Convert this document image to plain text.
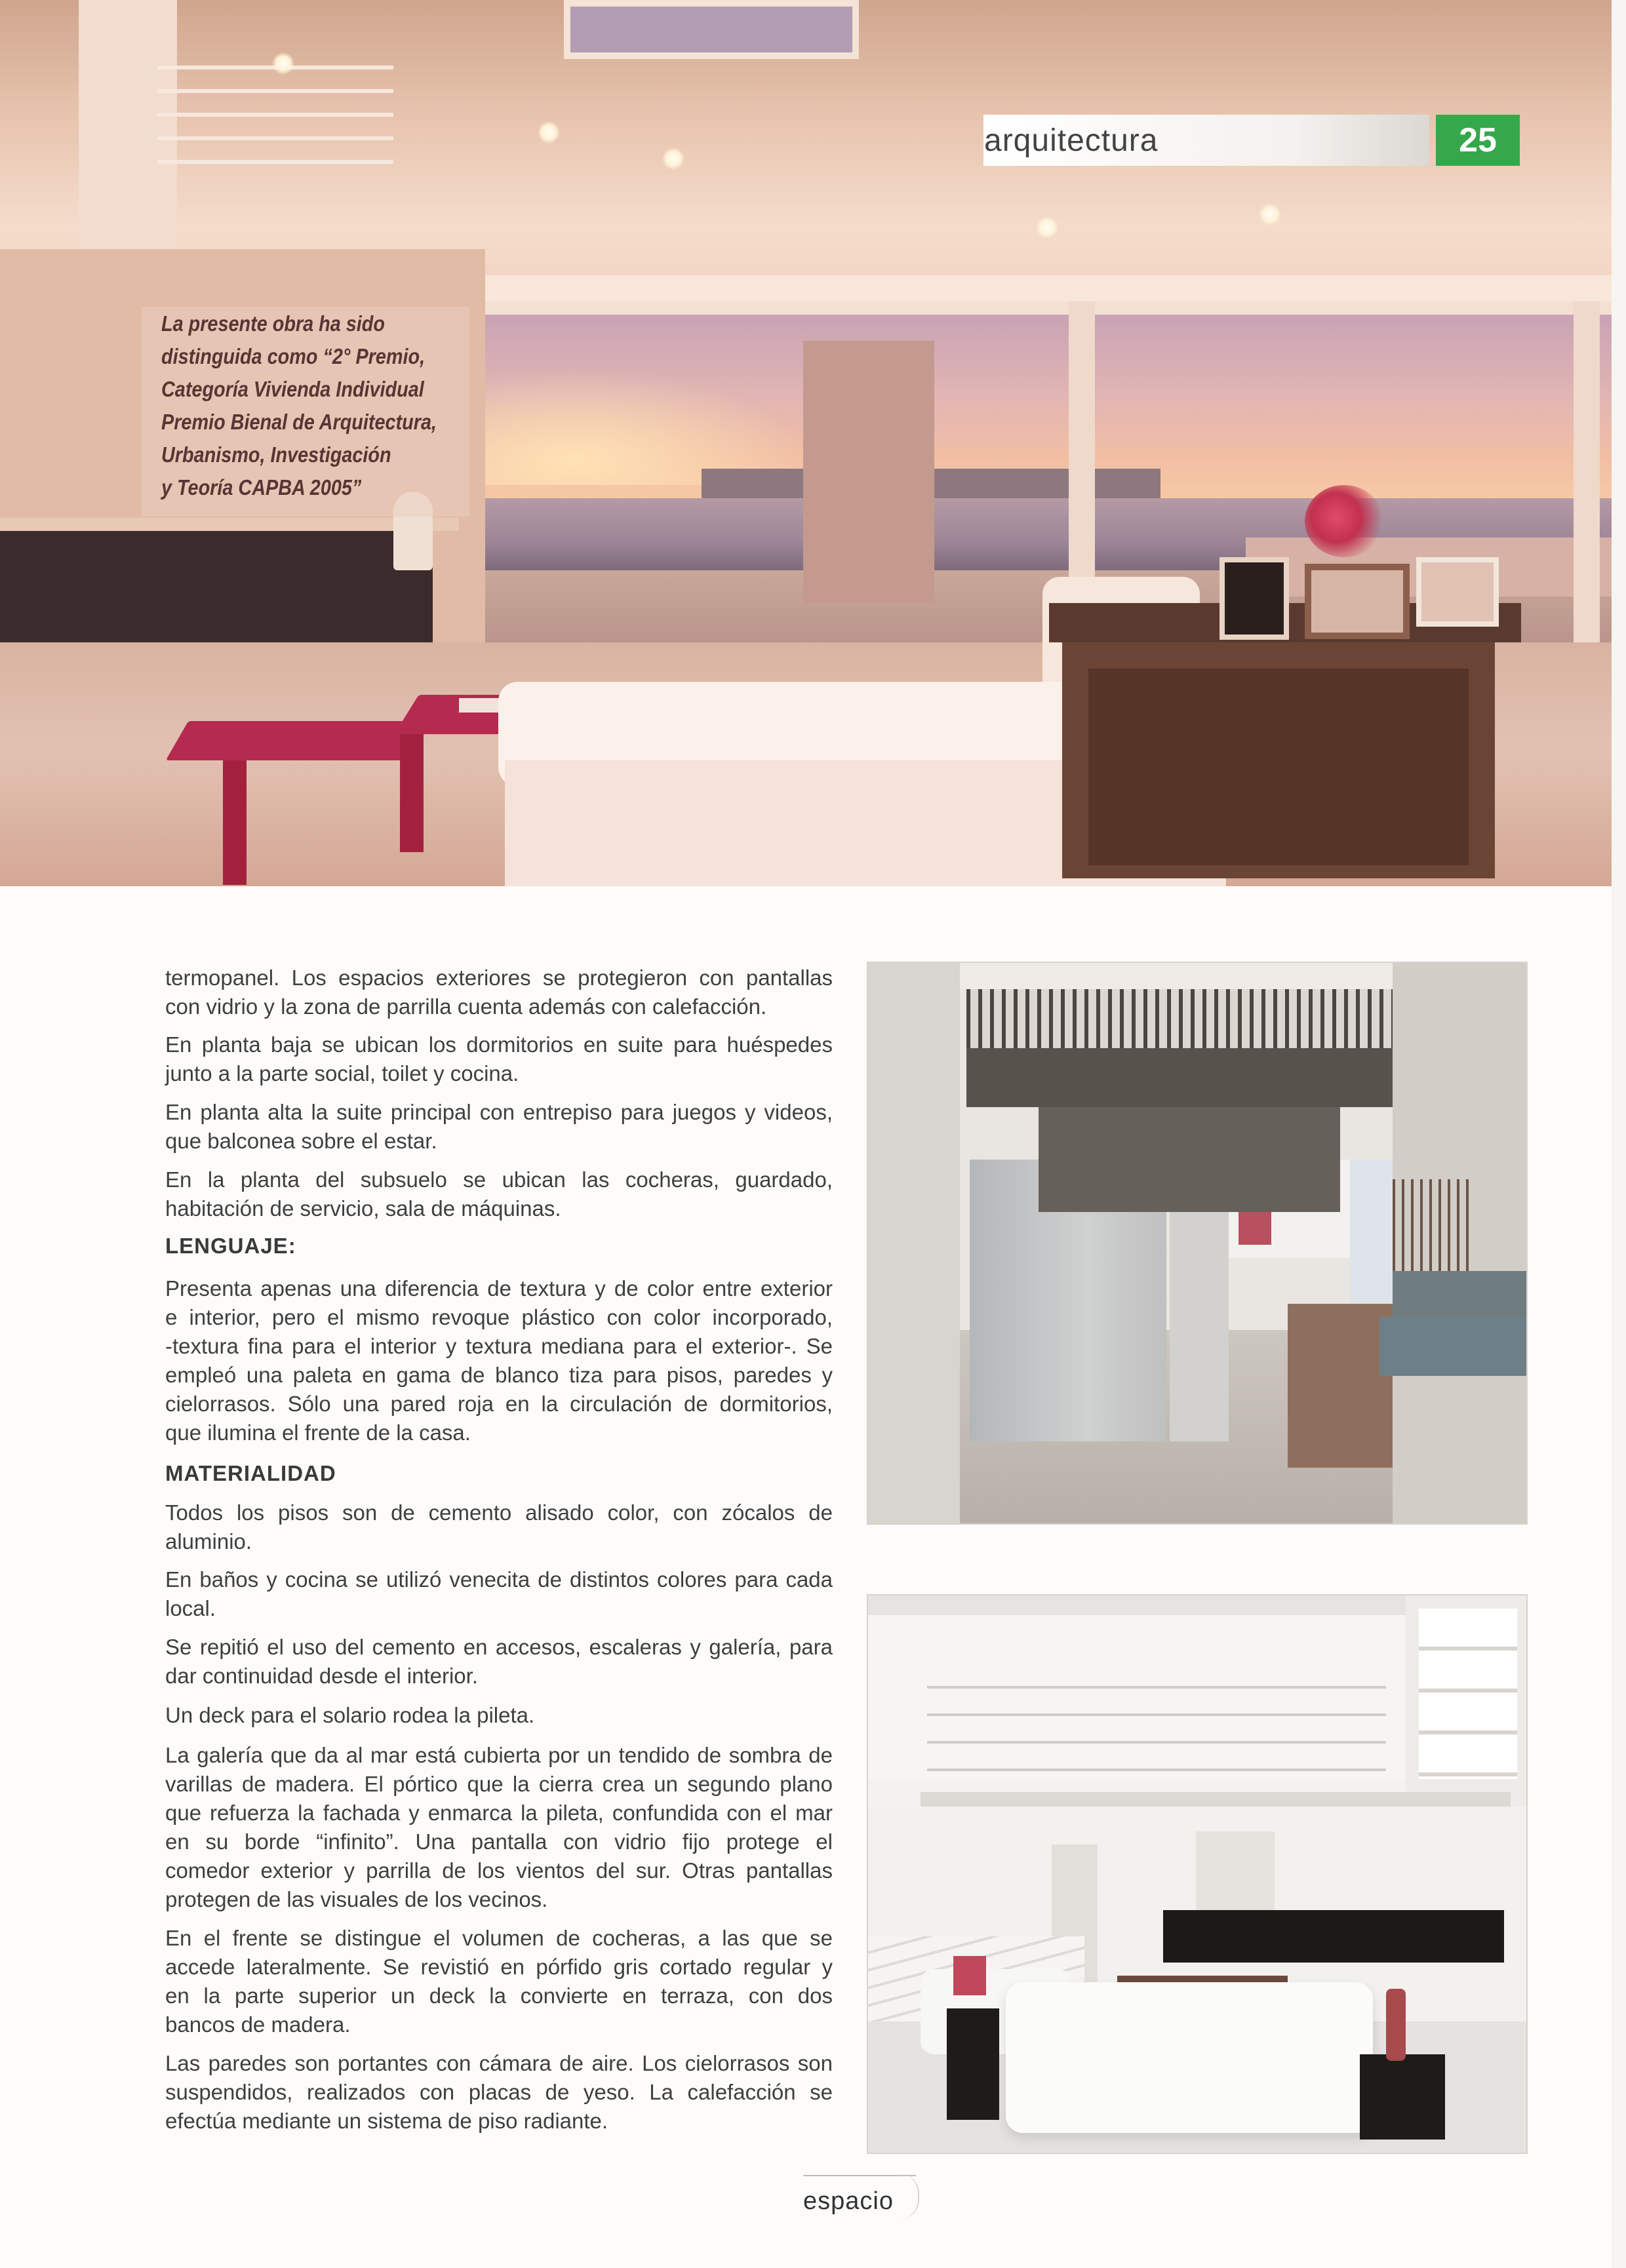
La presente obra ha sido
distinguida como “2° Premio,
Categoría Vivienda Individual
Premio Bienal de Arquitectura,
Urbanismo, Investigación
y Teoría CAPBA 2005”
arquitectura	25
termopanel. Los espacios exteriores se protegieron con pantallas
con vidrio y la zona de parrilla cuenta además con calefacción.
En planta baja se ubican los dormitorios en suite para huéspedes
junto a la parte social, toilet y cocina.
En planta alta la suite principal con entrepiso para juegos y videos,
que balconea sobre el estar.
En la planta del subsuelo se ubican las cocheras, guardado,
habitación de servicio, sala de máquinas.
LENGUAJE:
Presenta apenas una diferencia de textura y de color entre exterior
e interior, pero el mismo revoque plástico con color incorporado,
-textura fina para el interior y textura mediana para el exterior-. Se
empleó una paleta en gama de blanco tiza para pisos, paredes y
cielorrasos. Sólo una pared roja en la circulación de dormitorios,
que ilumina el frente de la casa.
MATERIALIDAD
Todos los pisos son de cemento alisado color, con zócalos de
aluminio.
En baños y cocina se utilizó venecita de distintos colores para cada
local.
Se repitió el uso del cemento en accesos, escaleras y galería, para
dar continuidad desde el interior.
Un deck para el solario rodea la pileta.
La galería que da al mar está cubierta por un tendido de sombra de
varillas de madera. El pórtico que la cierra crea un segundo plano
que refuerza la fachada y enmarca la pileta, confundida con el mar
en su borde “infinito”. Una pantalla con vidrio fijo protege el
comedor exterior y parrilla de los vientos del sur. Otras pantallas
protegen de las visuales de los vecinos.
En el frente se distingue el volumen de cocheras, a las que se
accede lateralmente. Se revistió en pórfido gris cortado regular y
en la parte superior un deck la convierte en terraza, con dos
bancos de madera.
Las paredes son portantes con cámara de aire. Los cielorrasos son
suspendidos, realizados con placas de yeso. La calefacción se
efectúa mediante un sistema de piso radiante.
espacio
